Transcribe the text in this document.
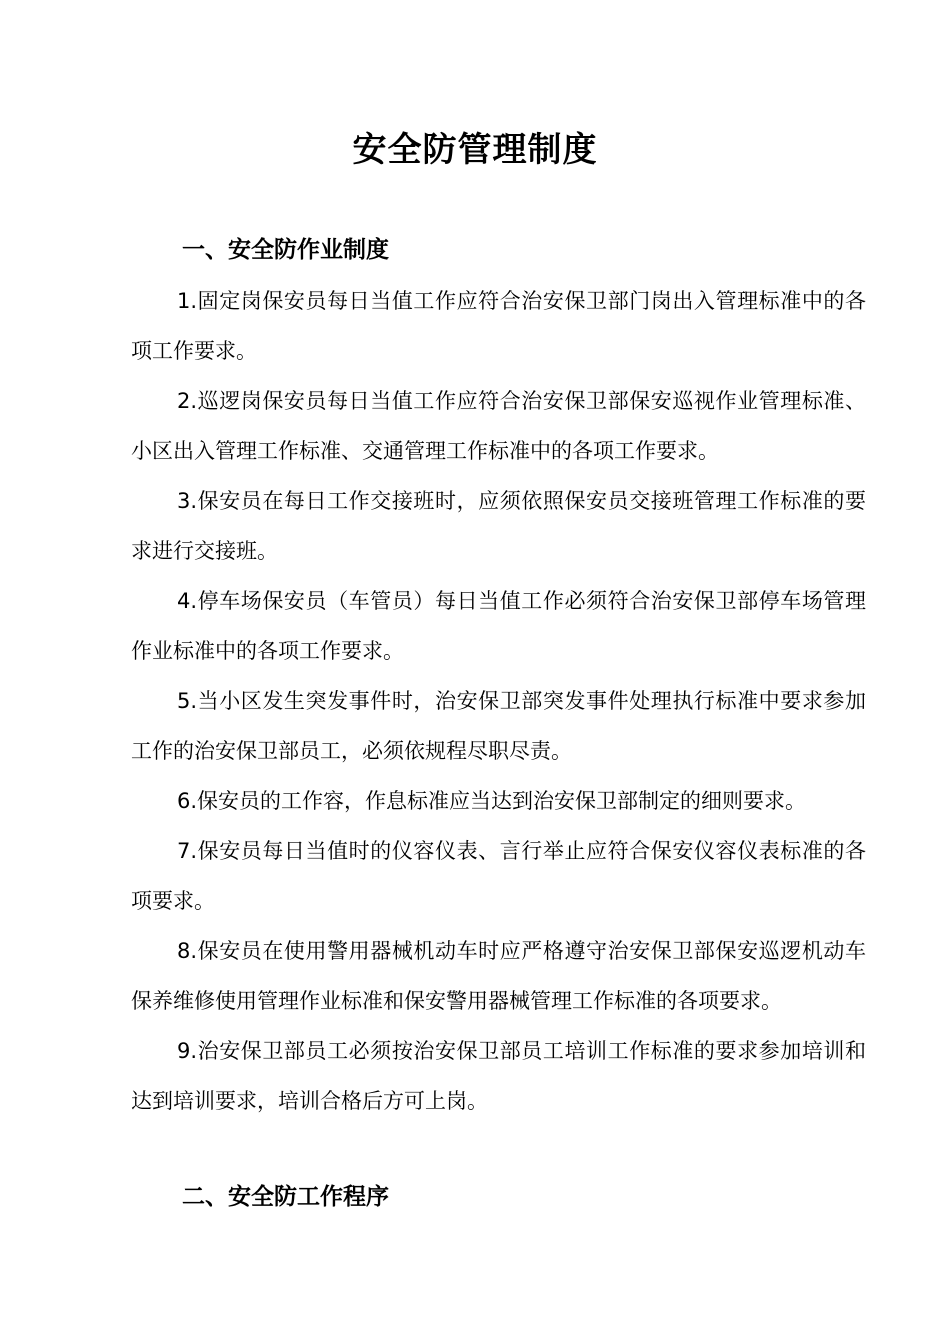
安全防管理制度
一、安全防作业制度

1.固定岗保安员每日当值工作应符合治安保卫部门岗出入管理标准中的各项工作要求。

2.巡逻岗保安员每日当值工作应符合治安保卫部保安巡视作业管理标准、小区出入管理工作标准、交通管理工作标准中的各项工作要求。

3.保安员在每日工作交接班时，应须依照保安员交接班管理工作标准的要求进行交接班。

4.停车场保安员（车管员）每日当值工作必须符合治安保卫部停车场管理作业标准中的各项工作要求。

5.当小区发生突发事件时，治安保卫部突发事件处理执行标准中要求参加工作的治安保卫部员工，必须依规程尽职尽责。

6.保安员的工作容，作息标准应当达到治安保卫部制定的细则要求。

7.保安员每日当值时的仪容仪表、言行举止应符合保安仪容仪表标准的各项要求。

8.保安员在使用警用器械机动车时应严格遵守治安保卫部保安巡逻机动车保养维修使用管理作业标准和保安警用器械管理工作标准的各项要求。

9.治安保卫部员工必须按治安保卫部员工培训工作标准的要求参加培训和达到培训要求，培训合格后方可上岗。

二、安全防工作程序
